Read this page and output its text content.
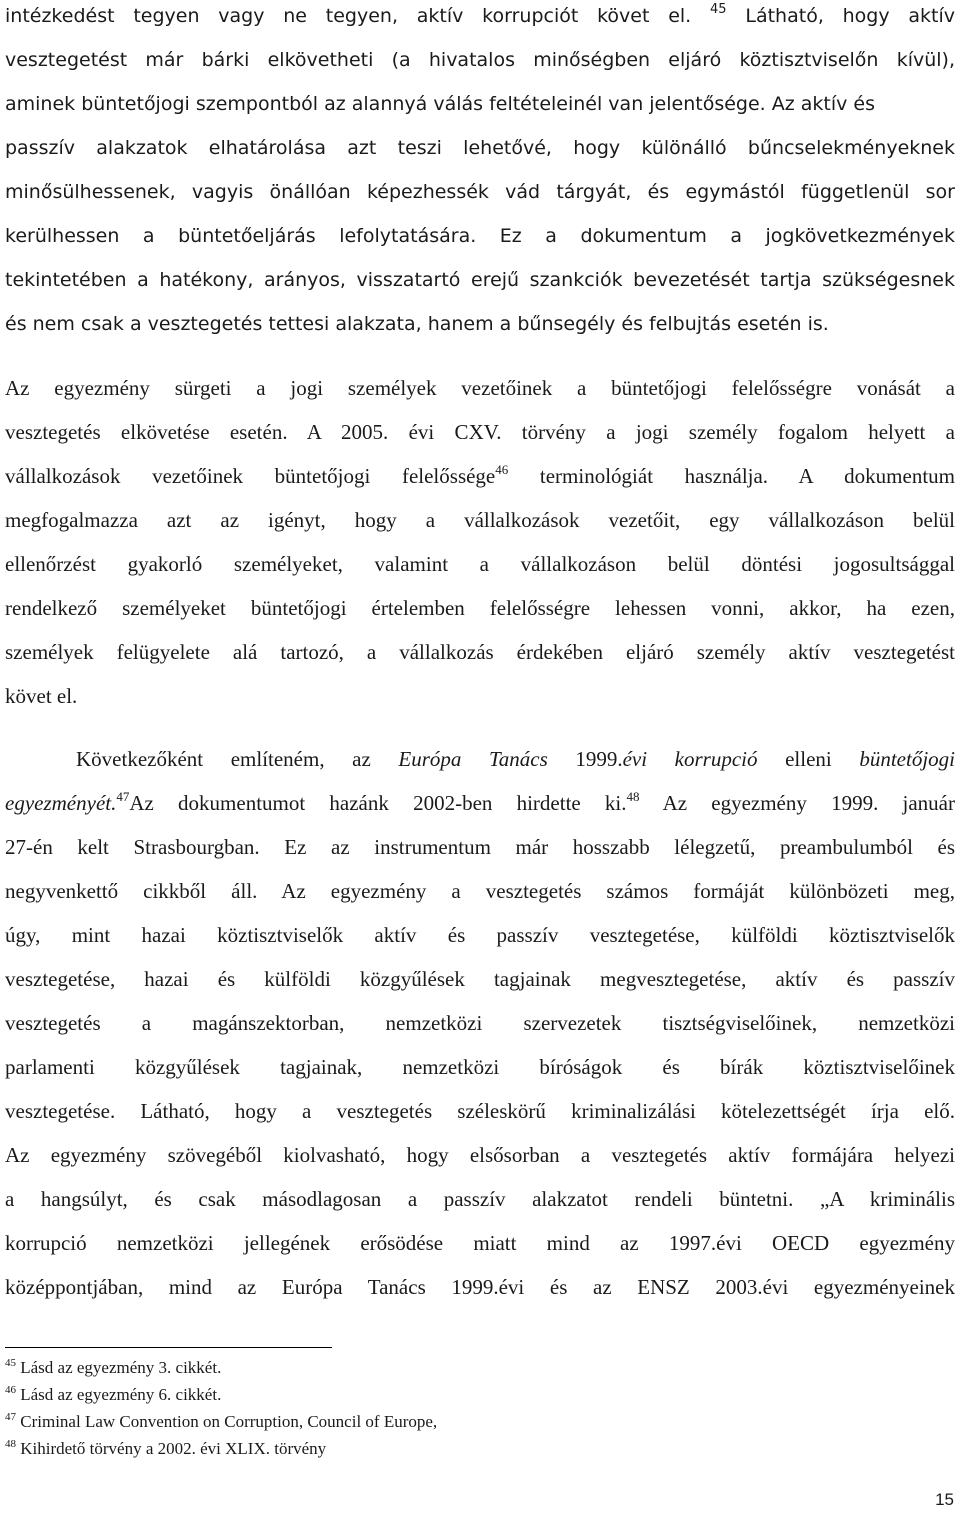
intézkedést tegyen vagy ne tegyen, aktív korrupciót követ el. $^{45}$ Látható, hogy aktív
vesztegetést már bárki elkövetheti (a hivatalos minőségben eljáró köztisztviselőn kívül),
aminek büntetőjogi szempontból az alannyá válás feltételeinél van jelentősége. Az aktív és
passzív alakzatok elhatárolása azt teszi lehetővé, hogy különálló bűncselekményeknek
minősülhessenek, vagyis önállóan képezhessék vád tárgyát, és egymástól függetlenül sor
kerülhessen a büntetőeljárás lefolytatására. Ez a dokumentum a jogkövetkezmények
tekintetében a hatékony, arányos, visszatartó erejű szankciók bevezetését tartja szükségesnek
és nem csak a vesztegetés tettesi alakzata, hanem a bűnsegély és felbujtás esetén is.
Az egyezmény sürgeti a jogi személyek vezetőinek a büntetőjogi felelősségre vonását a
vesztegetés elkövetése esetén. A 2005. évi CXV. törvény a jogi személy fogalom helyett a
vállalkozások vezetőinek büntetőjogi felelőssége$^{46}$ terminológiát használja. A dokumentum
megfogalmazza azt az igényt, hogy a vállalkozások vezetőit, egy vállalkozáson belül
ellenőrzést gyakorló személyeket, valamint a vállalkozáson belül döntési jogosultsággal
rendelkező személyeket büntetőjogi értelemben felelősségre lehessen vonni, akkor, ha ezen,
személyek felügyelete alá tartozó, a vállalkozás érdekében eljáró személy aktív vesztegetést
követ el.
Következőként említeném, az Európa Tanács 1999.évi korrupció elleni büntetőjogi
egyezményét.$^{47}$Az dokumentumot hazánk 2002-ben hirdette ki.$^{48}$ Az egyezmény 1999. január
27-én kelt Strasbourgban. Ez az instrumentum már hosszabb lélegzetű, preambulumból és
negyvenkettő cikkből áll. Az egyezmény a vesztegetés számos formáját különbözeti meg,
úgy, mint hazai köztisztviselők aktív és passzív vesztegetése, külföldi köztisztviselők
vesztegetése, hazai és külföldi közgyűlések tagjainak megvesztegetése, aktív és passzív
vesztegetés a magánszektorban, nemzetközi szervezetek tisztségviselőinek, nemzetközi
parlamenti közgyűlések tagjainak, nemzetközi bíróságok és bírák köztisztviselőinek
vesztegetése. Látható, hogy a vesztegetés széleskörű kriminalizálási kötelezettségét írja elő.
Az egyezmény szövegéből kiolvasható, hogy elsősorban a vesztegetés aktív formájára helyezi
a hangsúlyt, és csak másodlagosan a passzív alakzatot rendeli büntetni. „A kriminális
korrupció nemzetközi jellegének erősödése miatt mind az 1997.évi OECD egyezmény
középpontjában, mind az Európa Tanács 1999.évi és az ENSZ 2003.évi egyezményeinek
$^{45}$ Lásd az egyezmény 3. cikkét.
$^{46}$ Lásd az egyezmény 6. cikkét.
$^{47}$ Criminal Law Convention on Corruption, Council of Europe,
$^{48}$ Kihirdető törvény a 2002. évi XLIX. törvény
15
